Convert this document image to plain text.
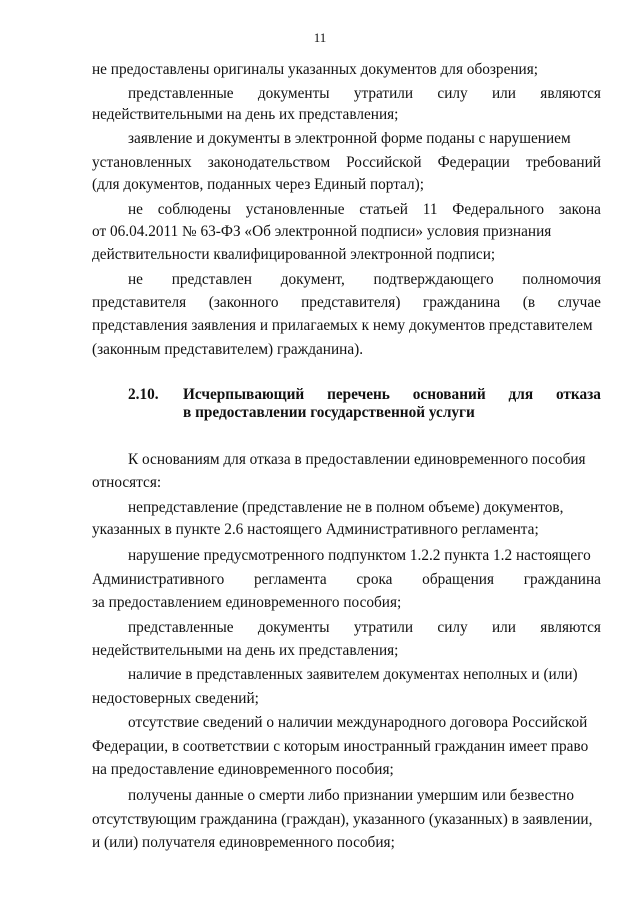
11
не предоставлены оригиналы указанных документов для обозрения;
представленные документы утратили силу или являются
недействительными на день их представления;
заявление и документы в электронной форме поданы с нарушением
установленных законодательством Российской Федерации требований
(для документов, поданных через Единый портал);
не соблюдены установленные статьей 11 Федерального закона
от 06.04.2011 № 63-ФЗ «Об электронной подписи» условия признания
действительности квалифицированной электронной подписи;
не представлен документ, подтверждающего полномочия
представителя (законного представителя) гражданина (в случае
представления заявления и прилагаемых к нему документов представителем
(законным представителем) гражданина).
2.10. Исчерпывающий перечень оснований для отказа
в предоставлении государственной услуги
К основаниям для отказа в предоставлении единовременного пособия
относятся:
непредставление (представление не в полном объеме) документов,
указанных в пункте 2.6 настоящего Административного регламента;
нарушение предусмотренного подпунктом 1.2.2 пункта 1.2 настоящего
Административного регламента срока обращения гражданина
за предоставлением единовременного пособия;
представленные документы утратили силу или являются
недействительными на день их представления;
наличие в представленных заявителем документах неполных и (или)
недостоверных сведений;
отсутствие сведений о наличии международного договора Российской
Федерации, в соответствии с которым иностранный гражданин имеет право
на предоставление единовременного пособия;
получены данные о смерти либо признании умершим или безвестно
отсутствующим гражданина (граждан), указанного (указанных) в заявлении,
и (или) получателя единовременного пособия;
